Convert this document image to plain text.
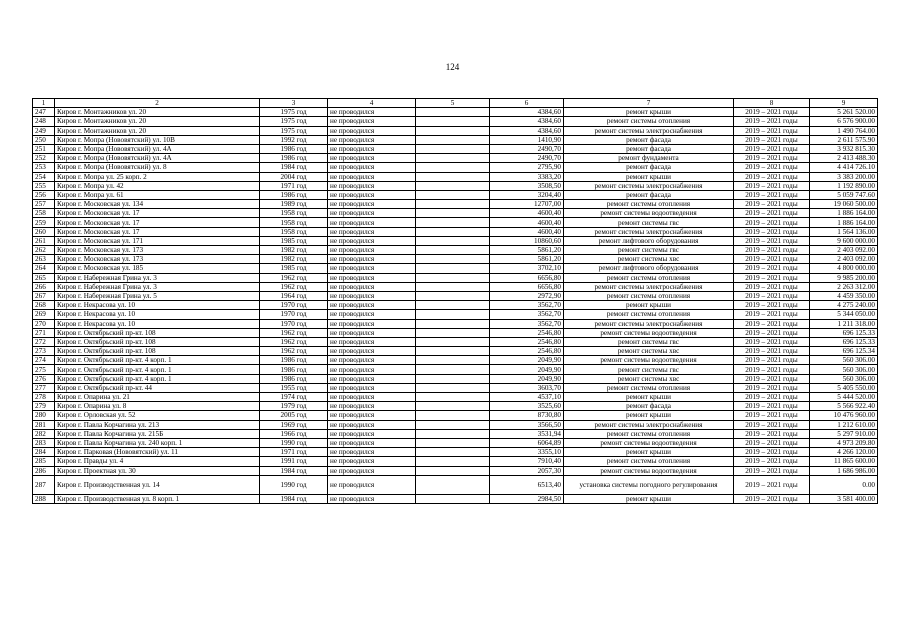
124
1	2	3	4	5	6	7	8	9
247	Киров г. Монтажников ул. 20	1975 год	не проводился		4384,60	ремонт крыши	2019 – 2021 годы	5 261 520.00
248	Киров г. Монтажников ул. 20	1975 год	не проводился		4384,60	ремонт системы отопления	2019 – 2021 годы	6 576 900.00
249	Киров г. Монтажников ул. 20	1975 год	не проводился		4384,60	ремонт системы электроснабжения	2019 – 2021 годы	1 490 764.00
250	Киров г. Мопра (Нововятский) ул. 10В	1992 год	не проводился		1410,90	ремонт фасада	2019 – 2021 годы	2 611 575.90
251	Киров г. Мопра (Нововятский) ул. 4А	1986 год	не проводился		2490,70	ремонт фасада	2019 – 2021 годы	3 932 815.30
252	Киров г. Мопра (Нововятский) ул. 4А	1986 год	не проводился		2490,70	ремонт фундамента	2019 – 2021 годы	2 413 488.30
253	Киров г. Мопра (Нововятский) ул. 8	1984 год	не проводился		2795,90	ремонт фасада	2019 – 2021 годы	4 414 726.10
254	Киров г. Мопра ул. 25 корп. 2	2004 год	не проводился		3383,20	ремонт крыши	2019 – 2021 годы	3 383 200.00
255	Киров г. Мопра ул. 42	1971 год	не проводился		3508,50	ремонт системы электроснабжения	2019 – 2021 годы	1 192 890.00
256	Киров г. Мопра ул. 61	1986 год	не проводился		3204,40	ремонт фасада	2019 – 2021 годы	5 059 747.60
257	Киров г. Московская ул. 134	1989 год	не проводился		12707,00	ремонт системы отопления	2019 – 2021 годы	19 060 500.00
258	Киров г. Московская ул. 17	1958 год	не проводился		4600,40	ремонт системы водоотведения	2019 – 2021 годы	1 886 164.00
259	Киров г. Московская ул. 17	1958 год	не проводился		4600,40	ремонт системы гвс	2019 – 2021 годы	1 886 164.00
260	Киров г. Московская ул. 17	1958 год	не проводился		4600,40	ремонт системы электроснабжения	2019 – 2021 годы	1 564 136.00
261	Киров г. Московская ул. 171	1985 год	не проводился		10860,60	ремонт лифтового оборудования	2019 – 2021 годы	9 600 000.00
262	Киров г. Московская ул. 173	1982 год	не проводился		5861,20	ремонт системы гвс	2019 – 2021 годы	2 403 092.00
263	Киров г. Московская ул. 173	1982 год	не проводился		5861,20	ремонт системы хвс	2019 – 2021 годы	2 403 092.00
264	Киров г. Московская ул. 185	1985 год	не проводился		3702,10	ремонт лифтового оборудования	2019 – 2021 годы	4 800 000.00
265	Киров г. Набережная Грина ул. 3	1962 год	не проводился		6656,80	ремонт системы отопления	2019 – 2021 годы	9 985 200.00
266	Киров г. Набережная Грина ул. 3	1962 год	не проводился		6656,80	ремонт системы электроснабжения	2019 – 2021 годы	2 263 312.00
267	Киров г. Набережная Грина ул. 5	1964 год	не проводился		2972,90	ремонт системы отопления	2019 – 2021 годы	4 459 350.00
268	Киров г. Некрасова ул. 10	1970 год	не проводился		3562,70	ремонт крыши	2019 – 2021 годы	4 275 240.00
269	Киров г. Некрасова ул. 10	1970 год	не проводился		3562,70	ремонт системы отопления	2019 – 2021 годы	5 344 050.00
270	Киров г. Некрасова ул. 10	1970 год	не проводился		3562,70	ремонт системы электроснабжения	2019 – 2021 годы	1 211 318.00
271	Киров г. Октябрьский пр-кт. 108	1962 год	не проводился		2546,80	ремонт системы водоотведения	2019 – 2021 годы	696 125.33
272	Киров г. Октябрьский пр-кт. 108	1962 год	не проводился		2546,80	ремонт системы гвс	2019 – 2021 годы	696 125.33
273	Киров г. Октябрьский пр-кт. 108	1962 год	не проводился		2546,80	ремонт системы хвс	2019 – 2021 годы	696 125.34
274	Киров г. Октябрьский пр-кт. 4 корп. 1	1986 год	не проводился		2049,90	ремонт системы водоотведения	2019 – 2021 годы	560 306.00
275	Киров г. Октябрьский пр-кт. 4 корп. 1	1986 год	не проводился		2049,90	ремонт системы гвс	2019 – 2021 годы	560 306.00
276	Киров г. Октябрьский пр-кт. 4 корп. 1	1986 год	не проводился		2049,90	ремонт системы хвс	2019 – 2021 годы	560 306.00
277	Киров г. Октябрьский пр-кт. 44	1955 год	не проводился		3603,70	ремонт системы отопления	2019 – 2021 годы	5 405 550.00
278	Киров г. Опарина ул. 21	1974 год	не проводился		4537,10	ремонт крыши	2019 – 2021 годы	5 444 520.00
279	Киров г. Опарина ул. 8	1979 год	не проводился		3525,60	ремонт фасада	2019 – 2021 годы	5 566 922.40
280	Киров г. Орловская ул. 52	2005 год	не проводился		8730,80	ремонт крыши	2019 – 2021 годы	10 476 960.00
281	Киров г. Павла Корчагина ул. 213	1969 год	не проводился		3566,50	ремонт системы электроснабжения	2019 – 2021 годы	1 212 610.00
282	Киров г. Павла Корчагина ул. 215Б	1966 год	не проводился		3531,94	ремонт системы отопления	2019 – 2021 годы	5 297 910.00
283	Киров г. Павла Корчагина ул. 240 корп. 1	1990 год	не проводился		6064,89	ремонт системы водоотведения	2019 – 2021 годы	4 973 209.80
284	Киров г. Парковая (Нововятский) ул. 11	1971 год	не проводился		3355,10	ремонт крыши	2019 – 2021 годы	4 266 120.00
285	Киров г. Правды ул. 4	1991 год	не проводился		7910,40	ремонт системы отопления	2019 – 2021 годы	11 865 600.00
286	Киров г. Проектная ул. 30	1984 год	не проводился		2057,30	ремонт системы водоотведения	2019 – 2021 годы	1 686 986.00
287	Киров г. Производственная ул. 14	1990 год	не проводился		6513,40	установка системы погодного регулирования	2019 – 2021 годы	0.00
288	Киров г. Производственная ул. 8 корп. 1	1984 год	не проводился		2984,50	ремонт крыши	2019 – 2021 годы	3 581 400.00
